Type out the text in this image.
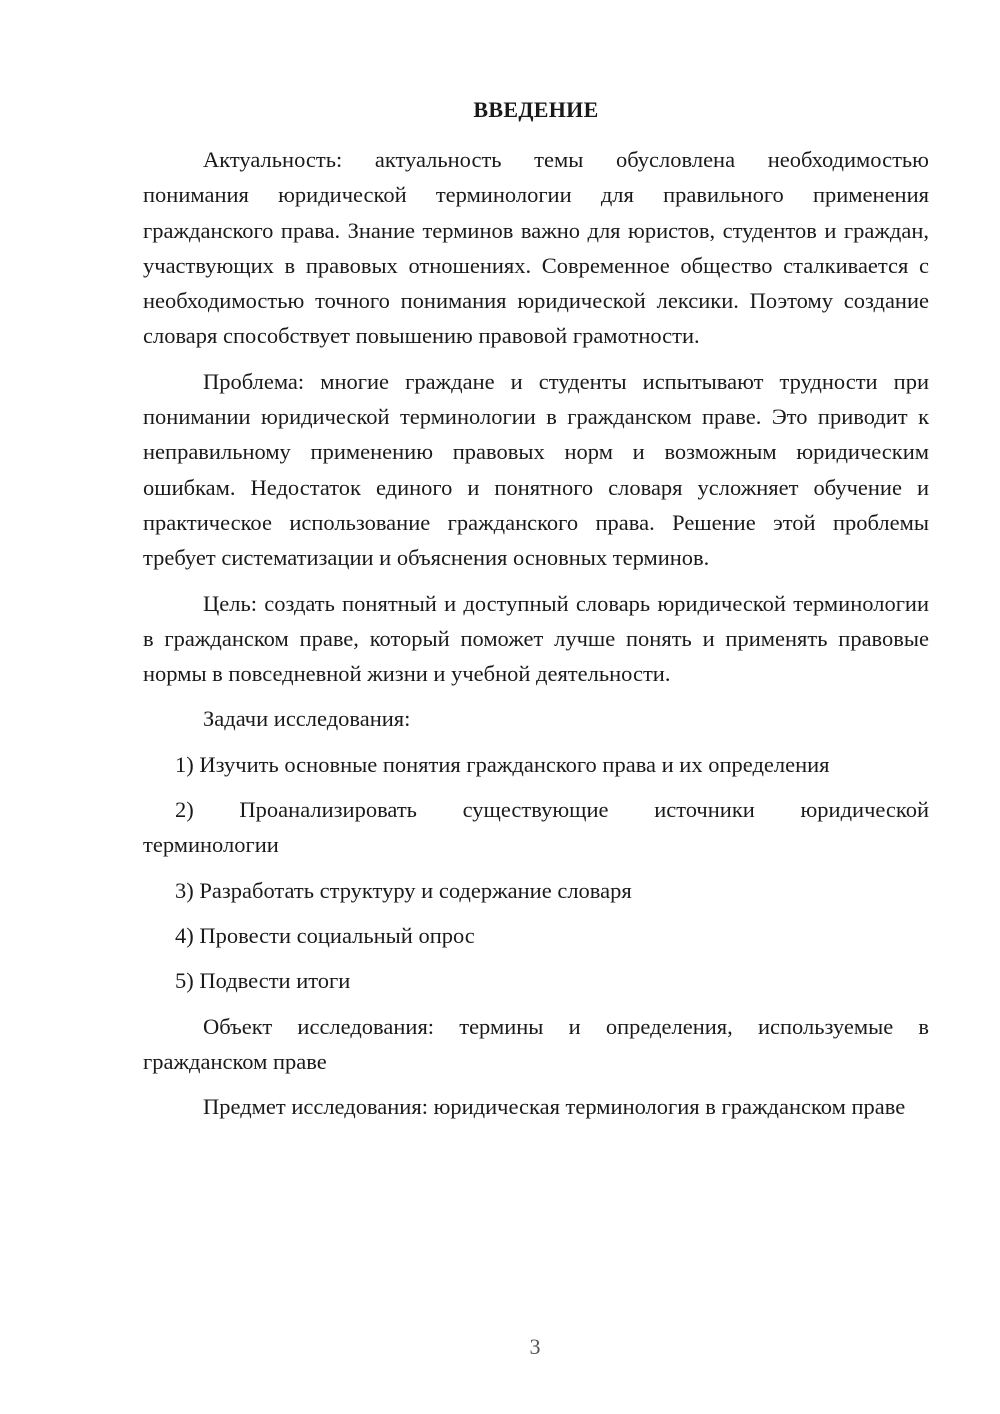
ВВЕДЕНИЕ

Актуальность: актуальность темы обусловлена необходимостью понимания юридической терминологии для правильного применения гражданского права. Знание терминов важно для юристов, студентов и граждан, участвующих в правовых отношениях. Современное общество сталкивается с необходимостью точного понимания юридической лексики. Поэтому создание словаря способствует повышению правовой грамотности.

Проблема: многие граждане и студенты испытывают трудности при понимании юридической терминологии в гражданском праве. Это приводит к неправильному применению правовых норм и возможным юридическим ошибкам. Недостаток единого и понятного словаря усложняет обучение и практическое использование гражданского права. Решение этой проблемы требует систематизации и объяснения основных терминов.

Цель: создать понятный и доступный словарь юридической терминологии в гражданском праве, который поможет лучше понять и применять правовые нормы в повседневной жизни и учебной деятельности.

Задачи исследования:

1) Изучить основные понятия гражданского права и их определения

2) Проанализировать существующие источники юридической терминологии

3) Разработать структуру и содержание словаря

4) Провести социальный опрос

5) Подвести итоги

Объект исследования: термины и определения, используемые в гражданском праве

Предмет исследования: юридическая терминология в гражданском праве

3
